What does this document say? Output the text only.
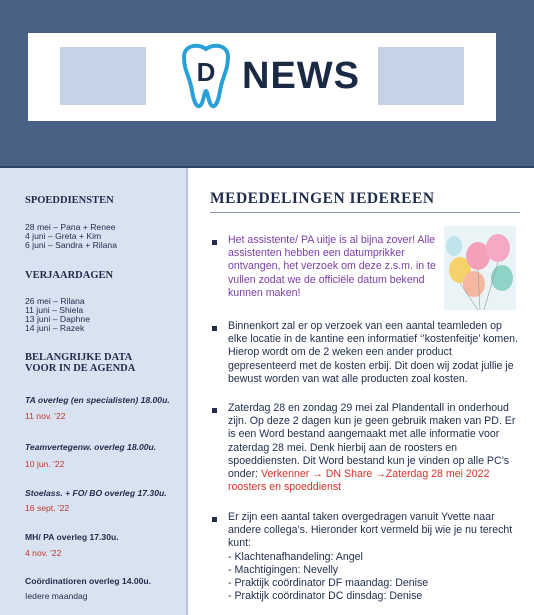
D NEWS
SPOEDDIENSTEN
28 mei – Pana + Renee
4 juni – Greta + Kim
6 juni – Sandra + Rilana
VERJAARDAGEN
26 mei – Rilana
11 juni – Shiela
13 juni – Daphne
14 juni – Razek
BELANGRIJKE DATA
VOOR IN DE AGENDA
TA overleg (en specialisten) 18.00u.
11 nov. '22
Teamvertegenw. overleg 18.00u.
10 jun. '22
Stoelass. + FO/ BO overleg 17.30u.
16 sept. '22
MH/ PA overleg 17.30u.
4 nov. '22
Coördinatioren overleg 14.00u.
Iedere maandag
MEDEDELINGEN IEDEREEN
Het assistente/ PA uitje is al bijna zover! Alle assistenten hebben een datumprikker ontvangen, het verzoek om deze z.s.m. in te vullen zodat we de officiële datum bekend kunnen maken!
Binnenkort zal er op verzoek van een aantal teamleden op elke locatie in de kantine een informatief ‘’kostenfeitje’ komen. Hierop wordt om de 2 weken een ander product gepresenteerd met de kosten erbij. Dit doen wij zodat jullie je bewust worden van wat alle producten zoal kosten.
Zaterdag 28 en zondag 29 mei zal Plandentall in onderhoud zijn. Op deze 2 dagen kun je geen gebruik maken van PD. Er is een Word bestand aangemaakt met alle informatie voor zaterdag 28 mei. Denk hierbij aan de roosters en spoeddiensten. Dit Word bestand kun je vinden op alle PC’s onder: Verkenner → DN Share →Zaterdag 28 mei 2022 roosters en spoeddienst
Er zijn een aantal taken overgedragen vanuit Yvette naar andere collega’s. Hieronder kort vermeld bij wie je nu terecht kunt:
- Klachtenafhandeling: Angel
- Machtigingen: Nevelly
- Praktijk coördinator DF maandag: Denise
- Praktijk coördinator DC dinsdag: Denise
